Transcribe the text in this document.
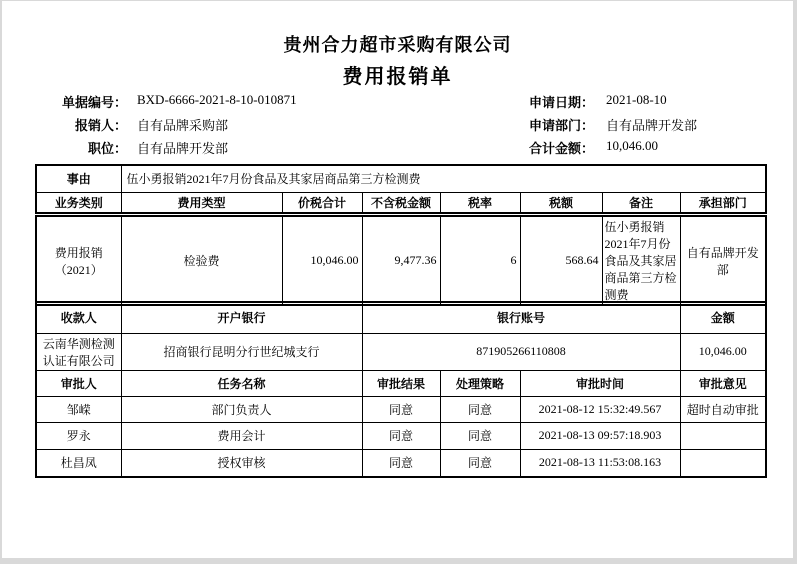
贵州合力超市采购有限公司
费用报销单
单据编号： BXD-6666-2021-8-10-010871
报销人： 自有品牌采购部
职位： 自有品牌开发部
申请日期： 2021-08-10
申请部门： 自有品牌开发部
合计金额： 10,046.00
事由	伍小勇报销2021年7月份食品及其家居商品第三方检测费						
业务类别	费用类型	价税合计	不含税金额	税率	税额	备注	承担部门
费用报销（2021）	检验费	10,046.00	9,477.36	6	568.64	伍小勇报销2021年7月份食品及其家居商品第三方检测费	自有品牌开发部
收款人	开户银行	银行账号			金额
云南华测检测认证有限公司	招商银行昆明分行世纪城支行	871905266110808			10,046.00
审批人	任务名称	审批结果	处理策略	审批时间	审批意见
邹嵘	部门负责人	同意	同意	2021-08-12 15:32:49.567	超时自动审批
罗永	费用会计	同意	同意	2021-08-13 09:57:18.903	
杜昌凤	授权审核	同意	同意	2021-08-13 11:53:08.163	
